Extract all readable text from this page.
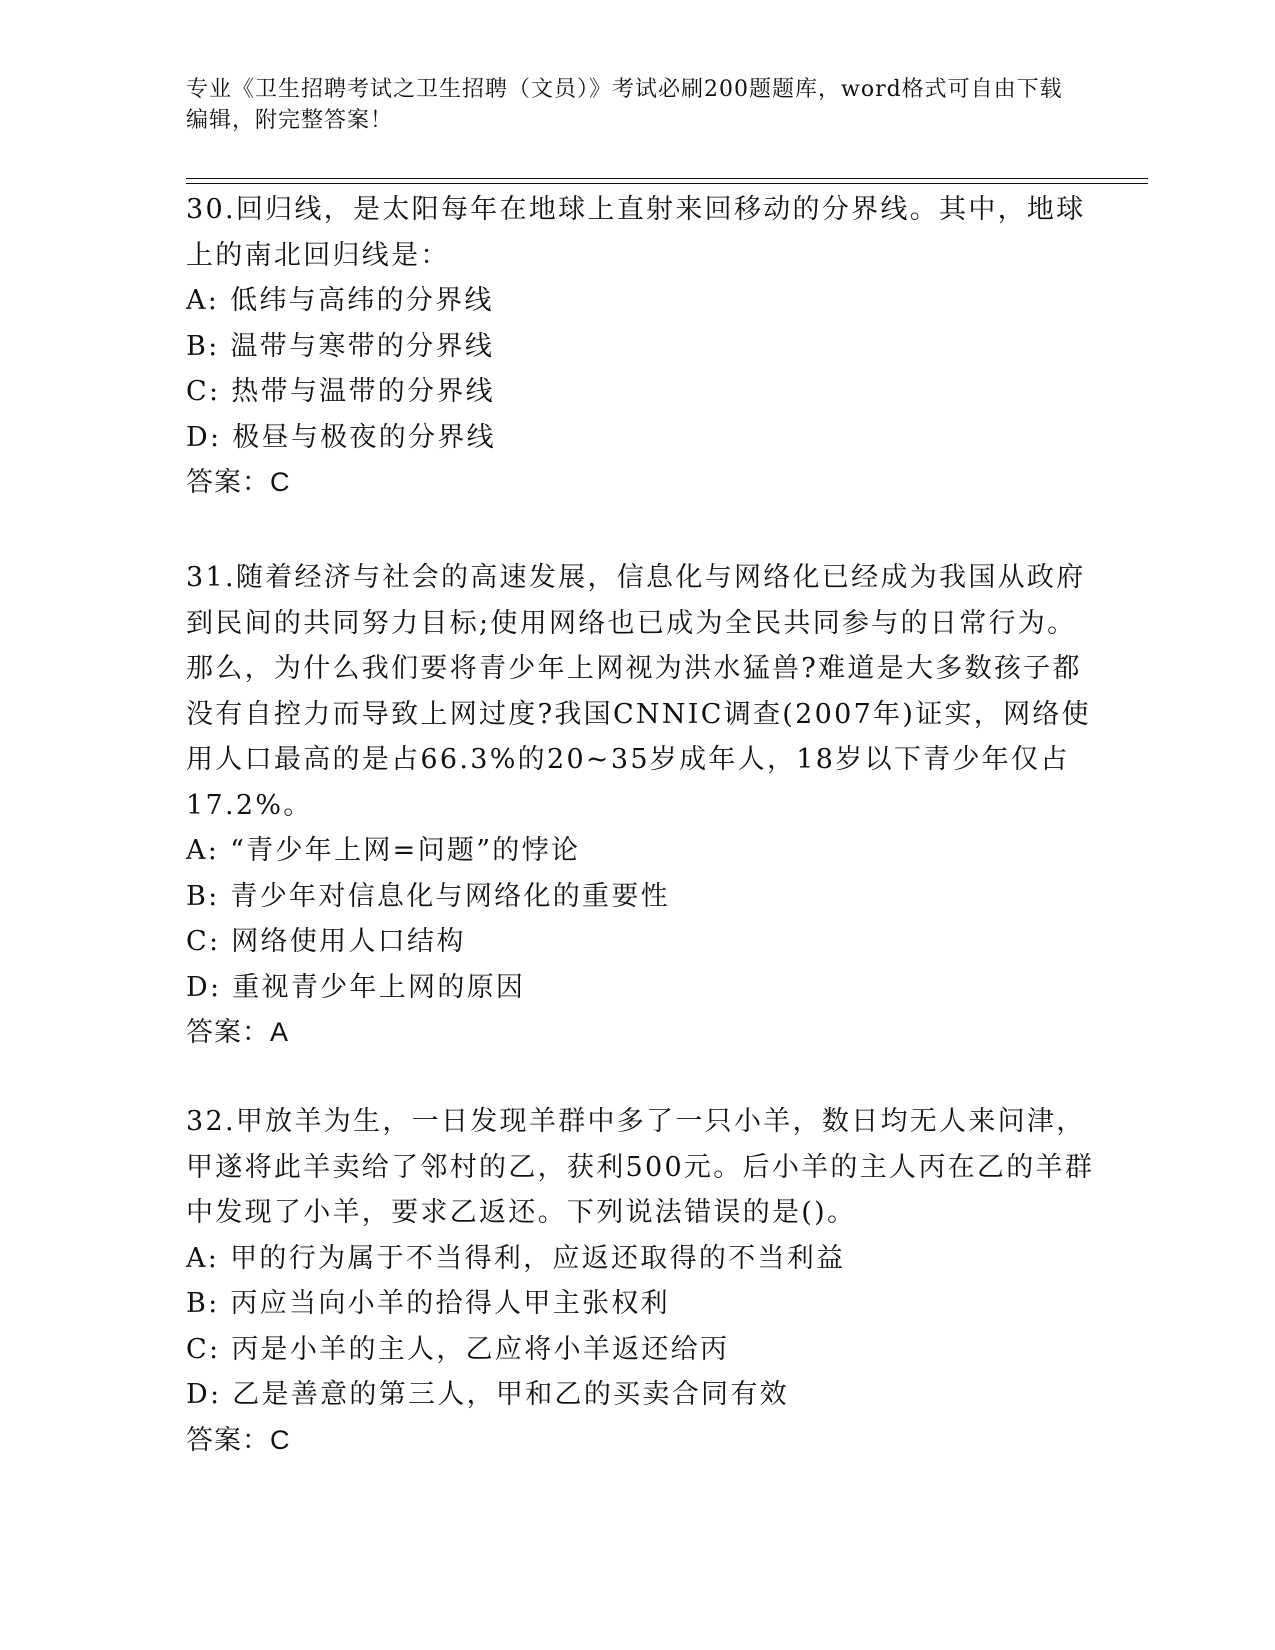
专业《卫生招聘考试之卫生招聘（文员）》考试必刷200题题库，word格式可自由下载编辑，附完整答案！

30.回归线，是太阳每年在地球上直射来回移动的分界线。其中，地球上的南北回归线是：

A: 低纬与高纬的分界线
B: 温带与寒带的分界线
C: 热带与温带的分界线
D: 极昼与极夜的分界线
答案：C

31.随着经济与社会的高速发展，信息化与网络化已经成为我国从政府到民间的共同努力目标;使用网络也已成为全民共同参与的日常行为。那么，为什么我们要将青少年上网视为洪水猛兽?难道是大多数孩子都没有自控力而导致上网过度?我国CNNIC调查(2007年)证实，网络使用人口最高的是占66.3%的20~35岁成年人，18岁以下青少年仅占17.2%。

A: “青少年上网=问题”的悖论
B: 青少年对信息化与网络化的重要性
C: 网络使用人口结构
D: 重视青少年上网的原因
答案：A

32.甲放羊为生，一日发现羊群中多了一只小羊，数日均无人来问津，甲遂将此羊卖给了邻村的乙，获利500元。后小羊的主人丙在乙的羊群中发现了小羊，要求乙返还。下列说法错误的是()。

A: 甲的行为属于不当得利，应返还取得的不当利益
B: 丙应当向小羊的拾得人甲主张权利
C: 丙是小羊的主人，乙应将小羊返还给丙
D: 乙是善意的第三人，甲和乙的买卖合同有效
答案：C
